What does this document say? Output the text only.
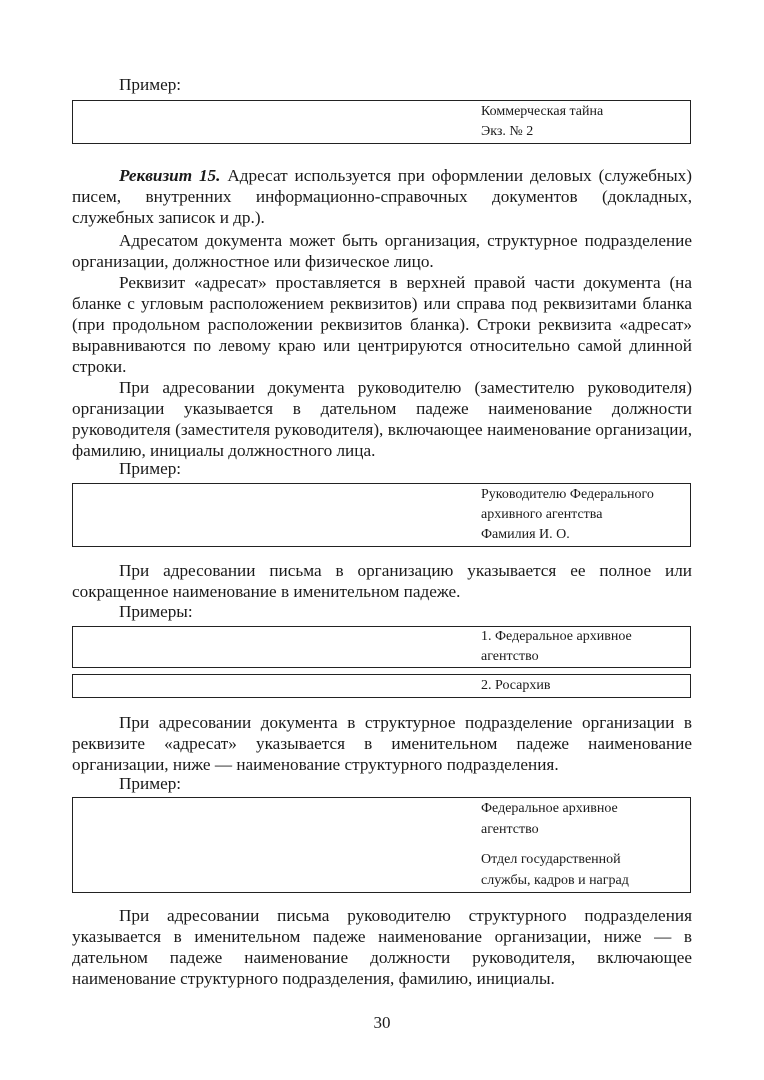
Пример:

Коммерческая тайна
Экз. № 2

Реквизит 15. Адресат используется при оформлении деловых (служебных) писем, внутренних информационно-справочных документов (докладных, служебных записок и др.).

Адресатом документа может быть организация, структурное подразделение организации, должностное или физическое лицо.

Реквизит «адресат» проставляется в верхней правой части документа (на бланке с угловым расположением реквизитов) или справа под реквизитами бланка (при продольном расположении реквизитов бланка). Строки реквизита «адресат» выравниваются по левому краю или центрируются относительно самой длинной строки.

При адресовании документа руководителю (заместителю руководителя) организации указывается в дательном падеже наименование должности руководителя (заместителя руководителя), включающее наименование организации, фамилию, инициалы должностного лица.

Пример:

Руководителю Федерального
архивного агентства
Фамилия И. О.

При адресовании письма в организацию указывается ее полное или сокращенное наименование в именительном падеже.

Примеры:

1. Федеральное архивное
агентство
2. Росархив

При адресовании документа в структурное подразделение организации в реквизите «адресат» указывается в именительном падеже наименование организации, ниже — наименование структурного подразделения.

Пример:

Федеральное архивное
агентство
Отдел государственной
службы, кадров и наград

При адресовании письма руководителю структурного подразделения указывается в именительном падеже наименование организации, ниже — в дательном падеже наименование должности руководителя, включающее наименование структурного подразделения, фамилию, инициалы.

30
